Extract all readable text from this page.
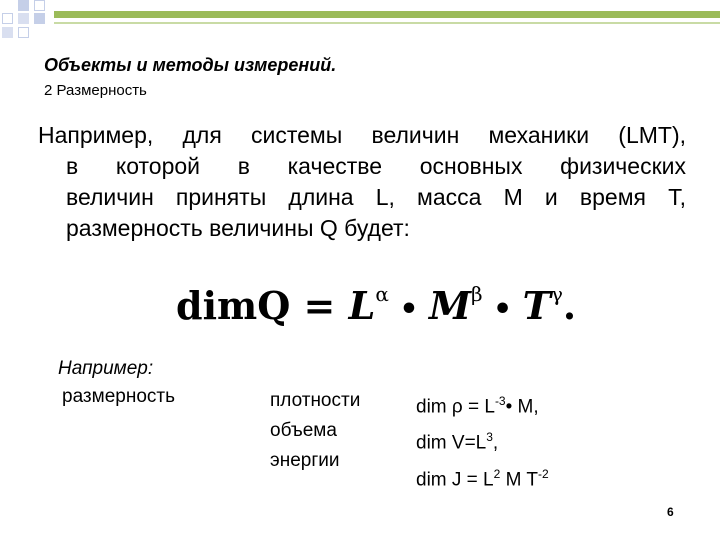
Объекты и методы измерений.
2 Размерность
Например, для системы величин механики (LMT),
в которой в качестве основных физических
величин приняты длина L, масса М и время Т,
размерность величины Q будет:
dimQ = $L^\alpha$ • $M^\beta$ • $T^\gamma$.
Например:
размерность	плотности
объема
энергии
dim $\rho = L^{-3}•$ M,
dim $V=L^3$,
dim $J = L^2$ M $T^{-2}$
6
